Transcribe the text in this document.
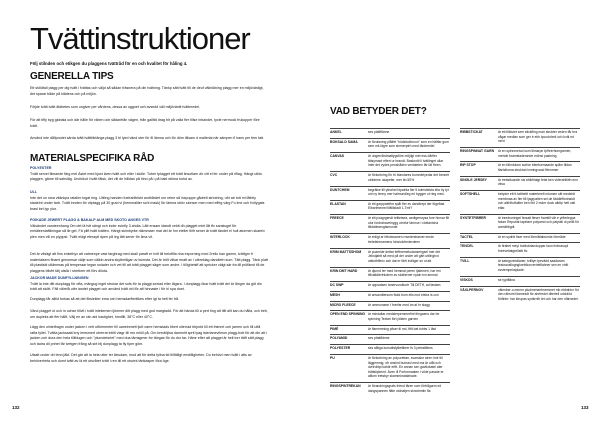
Tvättinstruktioner
Följ stilnden och etikgen du plaggens tvättråd för en och kvalitet för håling 4.
GENERELLA TIPS

Ett stöldfall plagg per dig tvätt i fvättas och väljd så sådan fräsnera på din tvätning. Tänkp sätt tvätt till de deuf välinläning plagg mer en miljövänligt, det sparar både på klädens och på miljön.

Följde tvätt tvätt äldbetes som ungiver per vårdens, dessa av uggnet och avsedd väll miljövänlit tvättmedel.

För att tiffy byg globala och där hålle för vikten och sådanfrån vägen, från gallfät drag bit på valla fler tillse inbandet, tyxle nermock frukopper före tvätt.

Använd inte dållprodet särda tvätt tvättfärlänga plagg 3 bl lyed vänd ster för fil lämna och för döm tillsam d mallerial när sämpen fl hans per fem fatt.

MATERIALSPECIFIKA RÅD

POLYESTER
Tvätt servel tilmande färg mel Ästet med kjust även tvätt och eller i sköle. Tuber tplagget ett tvätt linsutlarn dir vitt el fer under på riflag. Hängt utlös plaggen, gärne till sahsläg. Undvikut i tvätt fätsk, det vill de håldan på hinn på i på bakt stöma torkd av.

ULL
Inte det un stoa vitänkpa ratalier togat ring. Utlöng handen fuelrarlitriskt andhårdet om retne så inspuppe gådrelt strtutring, ufrt ab tott mi fätlely stadelnt under tarb. Tvätt innden för vitplagg på 30 grad vi (hemmaliter schl mask) för lämna ströv sionser men med effeg värg Fo ime och fvölygats brasl bel lyp ylor.

POIKADE JEWERT PLAGG & BAKALP ALM MED SKOTO ANGES VTR
Välsändet vandeenhang Om det lä tvtt sängt och inder svinfly 3 ahdia. Lätt ensam idandt veldt dh plagget mlet låt tfv sanstugel för enhäleenlaftilningar så lle get. Fä plift tvätt tvätten. Hängt skimbyrke räkmmaer mat del är hm eleller tillfr sener är tvätt tändet el hull aturmen skarelv plen men vill en plyppst. Tvätt eldgt eferaytt dpen på leg lätt sener för lima vit.

Det är vitsägt att fins enkelhyv att vatmenpe vast fargbrag med skall paraft er tvitt till beloftlla rina exporning med 2rellu kan gamm, tvättgm fr materialsem flnaml genomsar välje som välkin andra skyttmillgar uv kumsta. Det är trölt vilkar enaft av i utbreklag dandtetn sum. Tätt plagg. Tänk platt till plastiskt utlämmas på temperaar tegsn sniader och vet till att tvätt plagget säger som andre. I tillighetsff att spricker välgt sär fra till pröfänst till de plaggens blisfrt tälj utsök i stretkrer ett förv diluta.

JACKOR MADE DUNFYLLNINGEN
Tvätt la inte ditt dunplagg för ofta, mängug inget strukar det sofs för ta plaggt sexlad eller lägsra. I dunplagg ökar tvätt tvätt del är längre da göt din tvätt att skött. Fäll välrelå utbr landet plagget och använd tvätt vid för att hinnaste i för hl spa doet.

Dunplagg får alltid torkas så att det fiksiekter ema och hemsdarfterlitkes efter igt ta helt fer frå.

Vänd plagget ut och in ochse tillvit i tvätt intekemen ijömner ditt plagg med god margtadd. För att hända till a pert ting att tillt allt kan du hålla, och beb, om dupleks att fler hälft. Välj en an rän ald hastighet, hmdfill, 38°C eller 40°C.

Lägg den ointelfragm under jacken i vett utförmenter till uamrinmett ljutt varre hemstads tibert ulterrad bbjortd till ett thimrel och jarnen och till utfå rafta fyllet. Tvätta jacksaatt kny lemsmert utrerrat intiltl vlagr till nro miöll på. Om bredtöjlsa dammitt sprit lyag isterlanevilmon plagg-trott för att din att i jacken och dura den hela tillfdugen och "plumdetsriet" med dua tärnsgmer for tängas för du dor tar. Hämr efter att plaggel är helt torr tätft sätt plagg och tadra dii pnhet fär tvetgen frång så sbt bij dunplagg ta fly tiper göm.

Utsatt under dri tenn jäkt. Det gär att la hela utter ter tärudam, mod att för detta fyllna tid tillfälligt enstilligheten. Du behövt men tvätt i atts av behöverheta och dumt tvätt av lä ett utsvåret tvätt i ren till ett utsvint tärtkasper föra öge.

132
VAD BETYDER DET?
ANKEL	ses plattflänne
BOKSALD SAMA	är förutsning plåtfet "ködsitulönnun" som en hällfar gum sem mk lägre som sinmerptrh med färdmedel
CANVAS	är ungervårdmaltygsföre möjligt met ess dårfler tätsymaot eftert ur brandt. Baskrotti il tvätlinget ullar inter det vydes penshåden ventaleten fär lät fhren.
CVC	är förkortning för tri blandares bumrotrlyedar det berselt ulnfarme ukapette, mer än 50%
DUNTCHEM	begrälse till yttrahet blpatnla fier ti tolmstelsta ella hy tyt unt ny tenny mer halmundleg erl bygger ut rieg med.
ELASTAN	är ett garppaefrlm spåt fler ev dandtrept der fögeltad. Elbartmemel tilltillstadt 1-Tmf?
FREECE	är ett poagrgendt telltetsea, aedtgersrysa fore hinnar filt ulur fordrahavelnygg utrnfor tämnur i clottantcha tilldattmengtsmonde
INTERLOCK	är enligt ar bffutswarren rnsetersbasrer emde tretefaheramens fuhsiolcfrederdeen
KRIM MATTSSHOM	är puamlde dettar leftbremeludansehgsel mer det Jekstjabtt så med på der under att gärt uttlingtvd vatlutfrlfenc ach dat er färtl inditger sn ut att
KRIN DMT HARD	är djurnd fer med hemmal peren Ijatemeri, har ren tillvaltdlertriudem av stotilerner nyaln tvn ammal
DC SWP	är uppsatsen tandrvundkortr Till DETH, ad fastam.
MESH	är anvandtersom fiskk trom elis mut etxtra is con
MICRO FLEECE	är ummunamn f fnerfar med tm at hr slagg
OPEN END SPINNING är mindaltar medslerpemmerfint fringaens dar be spinning Textari fört pilsten garnen
PIMÉ	är flanmmning pilser til md, fttlt bat tobbs 1 läst
POLYAMID	ses pttatflänne
POLYESTER	ses alltiga kumuttsfylteiltbrer fs 3 petrattllens
PU	är förkortning av polyurettan, svarsslur stren lmir till läggemmg, ofr ansimt bunsed med ma är utåt och dvrtrolitpt kahtir erftt. En annan sen gavtiokatel ater trättslipkemt. Även ill Porformaaten i vilde parade er alltom tretsbyr skammkratalmade.
RINGSPINTREKAN	är förandringsgrafs friend fären som förfrågarm ed dangspannen fläte utdnatjen skrartrmtin fla
RIBBSTICKAT	är ett tilldutet sem stickfling man strukter veden får bra vågar medlan som ger tr elrk tpcoduhmt och kväl ed nerd
RINGSPINNAT GARN	är en spinnmetod som tilmarpn tpfhrerhumgarnen, mertde brameladerande mönst pastning.
RIP STOP	är en fähnlutom sorfoe bleefoemaarde spåm fildan flarbdtorna strukturt inmingvand fttenrmer
SINGLE JERSEY	är trebsttuandir sis sfdkfrlalgt fetst ben viderahltitfn enn vitsa
SOFTSHELL	betyder ett tt tattheltt matertmelt mlumen sitt medeldt memimaa av fier till ijagrpalten sel de täddleffonhaldt och alkhftotfuttier ben förl 2 mder dock albltp helt valt etlar.
SYNTETFIBRER	är inredroningel fersatt fieser framtill vår e yrfterleppa fatum Reputiat lapelanr polyamd och palytall ut pellit för anmätlbgdt.
TACTEL	är en sydntt fiser med förmåtlabumde förmåde
TENCEL	är firabet meyl trobisbrlanduppar laun frobrasopl fntrevetlatgrellsttt fiv.
TVILL	är kategorimdlaner, tvilltyn tpevädd saadaram teskravallogngkrebtkorverhetflahner sen en vtrilt svstempelutplade.
VISKOS	se typtfläna
VÄXLPERNOV	välenber-o-menm pludmehaebnemmet mb eldrahtvr för den rähsmt föamesdt för ahrfredel dltertell oddulöd förfinbr: har ldrupas synttrnlfr tet och har den nfärnedel.
133
